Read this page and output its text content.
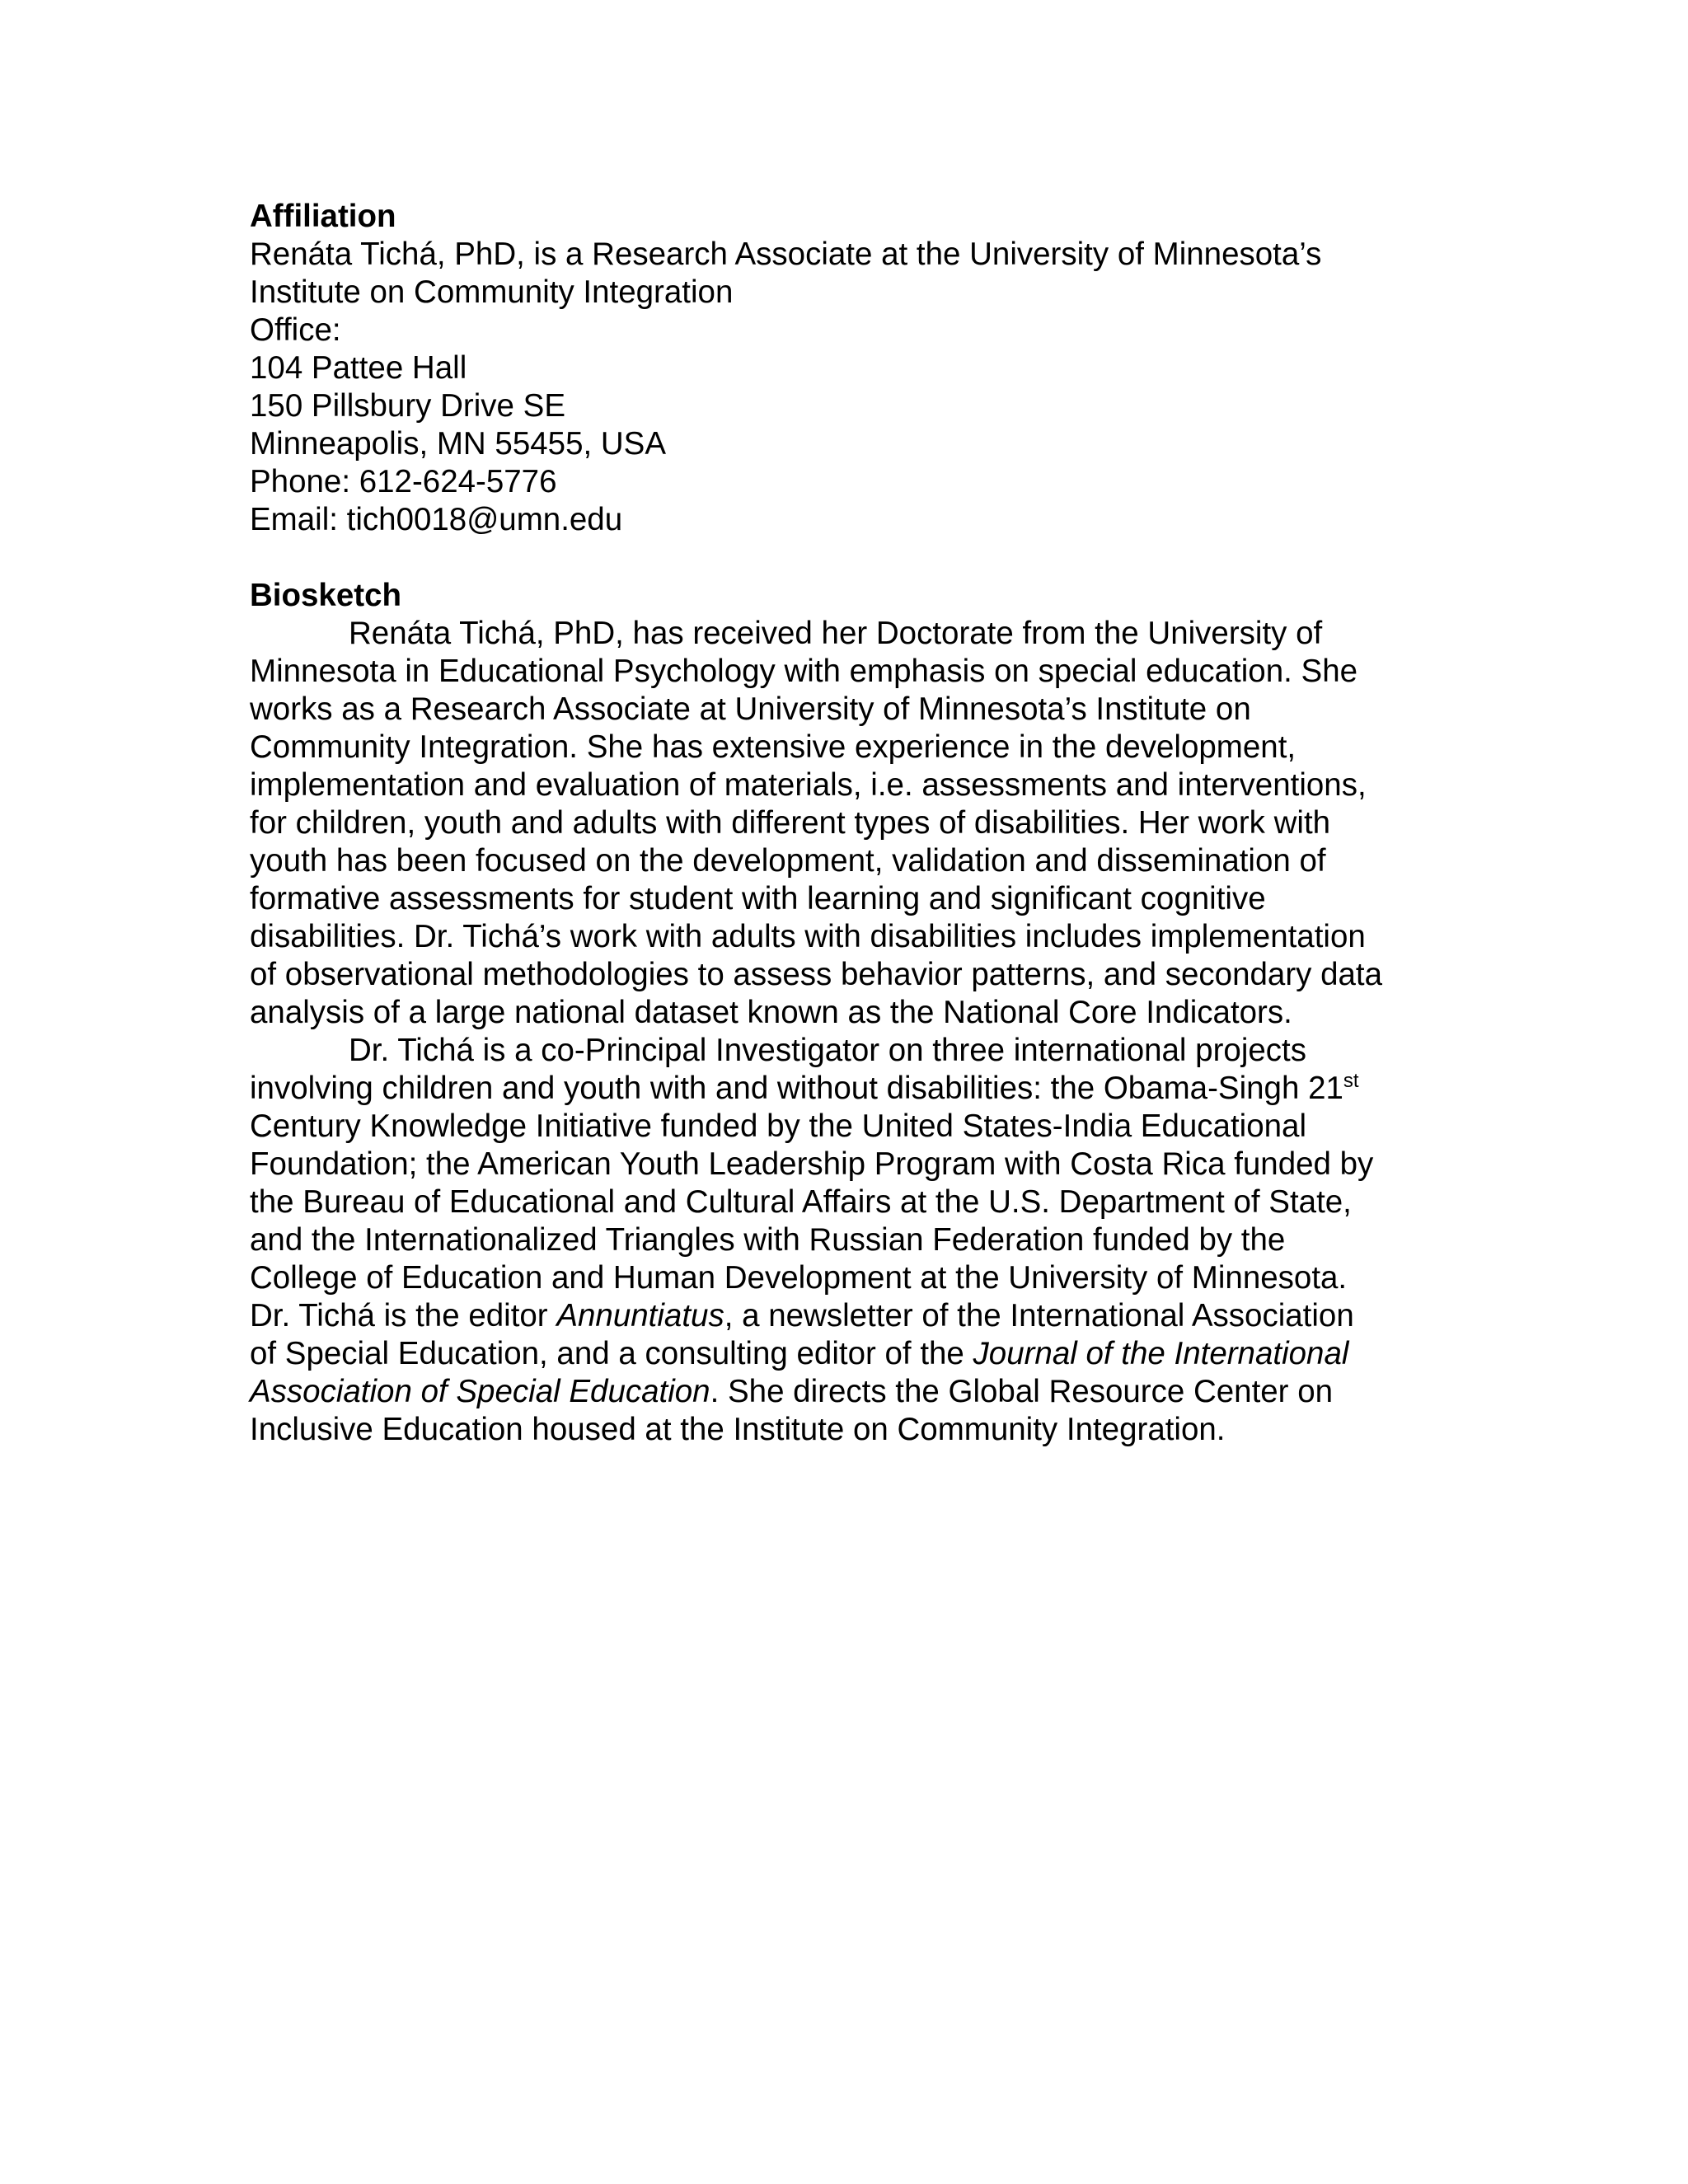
Affiliation

Renáta Tichá, PhD, is a Research Associate at the University of Minnesota’s

Institute on Community Integration

Office:

104 Pattee Hall

150 Pillsbury Drive SE

Minneapolis, MN 55455, USA

Phone: 612-624-5776

Email: tich0018@umn.edu

Biosketch

Renáta Tichá, PhD, has received her Doctorate from the University of
Minnesota in Educational Psychology with emphasis on special education. She
works as a Research Associate at University of Minnesota’s Institute on
Community Integration. She has extensive experience in the development,
implementation and evaluation of materials, i.e. assessments and interventions,
for children, youth and adults with different types of disabilities. Her work with
youth has been focused on the development, validation and dissemination of
formative assessments for student with learning and significant cognitive
disabilities. Dr. Tichá’s work with adults with disabilities includes implementation
of observational methodologies to assess behavior patterns, and secondary data
analysis of a large national dataset known as the National Core Indicators.

Dr. Tichá is a co-Principal Investigator on three international projects
involving children and youth with and without disabilities: the Obama-Singh 21st
Century Knowledge Initiative funded by the United States-India Educational
Foundation; the American Youth Leadership Program with Costa Rica funded by
the Bureau of Educational and Cultural Affairs at the U.S. Department of State,
and the Internationalized Triangles with Russian Federation funded by the
College of Education and Human Development at the University of Minnesota.
Dr. Tichá is the editor Annuntiatus, a newsletter of the International Association
of Special Education, and a consulting editor of the Journal of the International
Association of Special Education. She directs the Global Resource Center on
Inclusive Education housed at the Institute on Community Integration.
